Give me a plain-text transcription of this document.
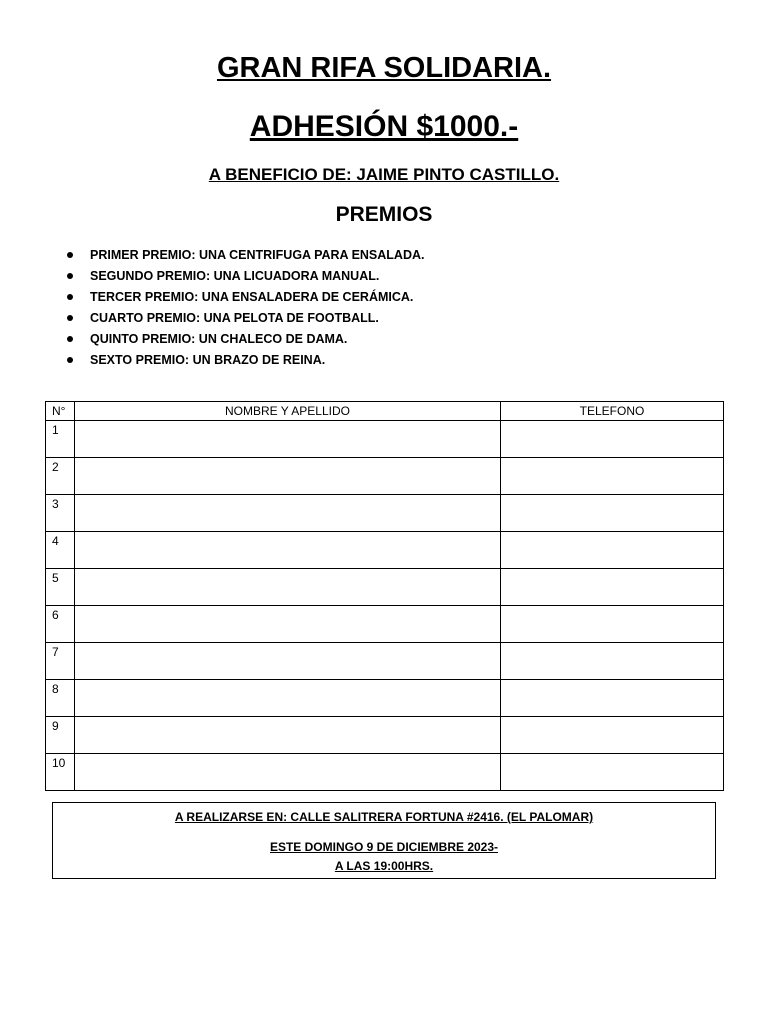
GRAN RIFA SOLIDARIA.
ADHESIÓN $1000.-
A BENEFICIO DE: JAIME PINTO CASTILLO.
PREMIOS
PRIMER PREMIO: UNA CENTRIFUGA PARA ENSALADA.
SEGUNDO PREMIO: UNA LICUADORA MANUAL.
TERCER PREMIO: UNA ENSALADERA DE CERÁMICA.
CUARTO PREMIO: UNA PELOTA DE FOOTBALL.
QUINTO PREMIO: UN CHALECO DE DAMA.
SEXTO PREMIO: UN BRAZO DE REINA.
N°	NOMBRE Y APELLIDO	TELEFONO
1		
2		
3		
4		
5		
6		
7		
8		
9		
10		
A REALIZARSE EN: CALLE SALITRERA FORTUNA #2416. (EL PALOMAR)
ESTE DOMINGO 9 DE DICIEMBRE 2023-
A LAS 19:00HRS.
